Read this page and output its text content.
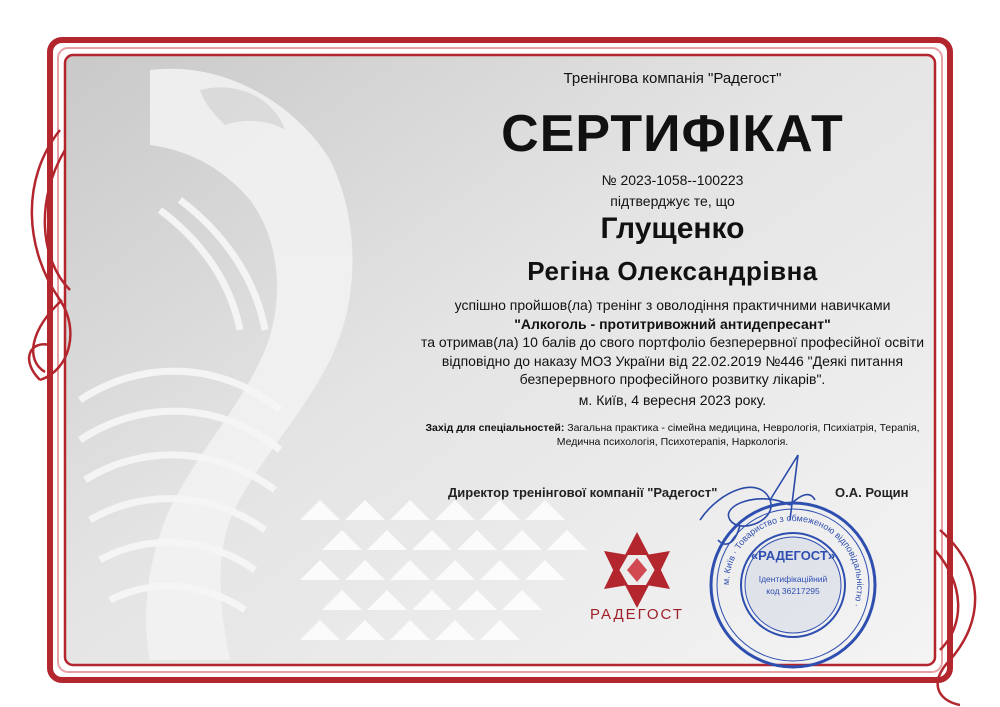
Тренінгова компанія "Радегост"
СЕРТИФІКАТ
№ 2023-1058--100223
підтверджує те, що
Глущенко
Регіна Олександрівна
успішно пройшов(ла) тренінг з оволодіння практичними навичками
"Алкоголь - протитривожний антидепресант"
та отримав(ла) 10 балів до свого портфоліо безперервної професійної освіти
відповідно до наказу МОЗ України від 22.02.2019 №446 "Деякі питання
безперервного професійного розвитку лікарів".
м. Київ, 4 вересня 2023 року.
Захід для спеціальностей: Загальна практика - сімейна медицина, Неврологія, Психіатрія, Терапія,
Медична психологія, Психотерапія, Наркологія.
Директор тренінгової компанії "Радегост"	О.А. Рощин
РАДЕГОСТ
«РАДЕГОСТ»
Ідентифікаційний
код 36217295
м. Київ · Товариство з обмеженою відповідальністю ·
